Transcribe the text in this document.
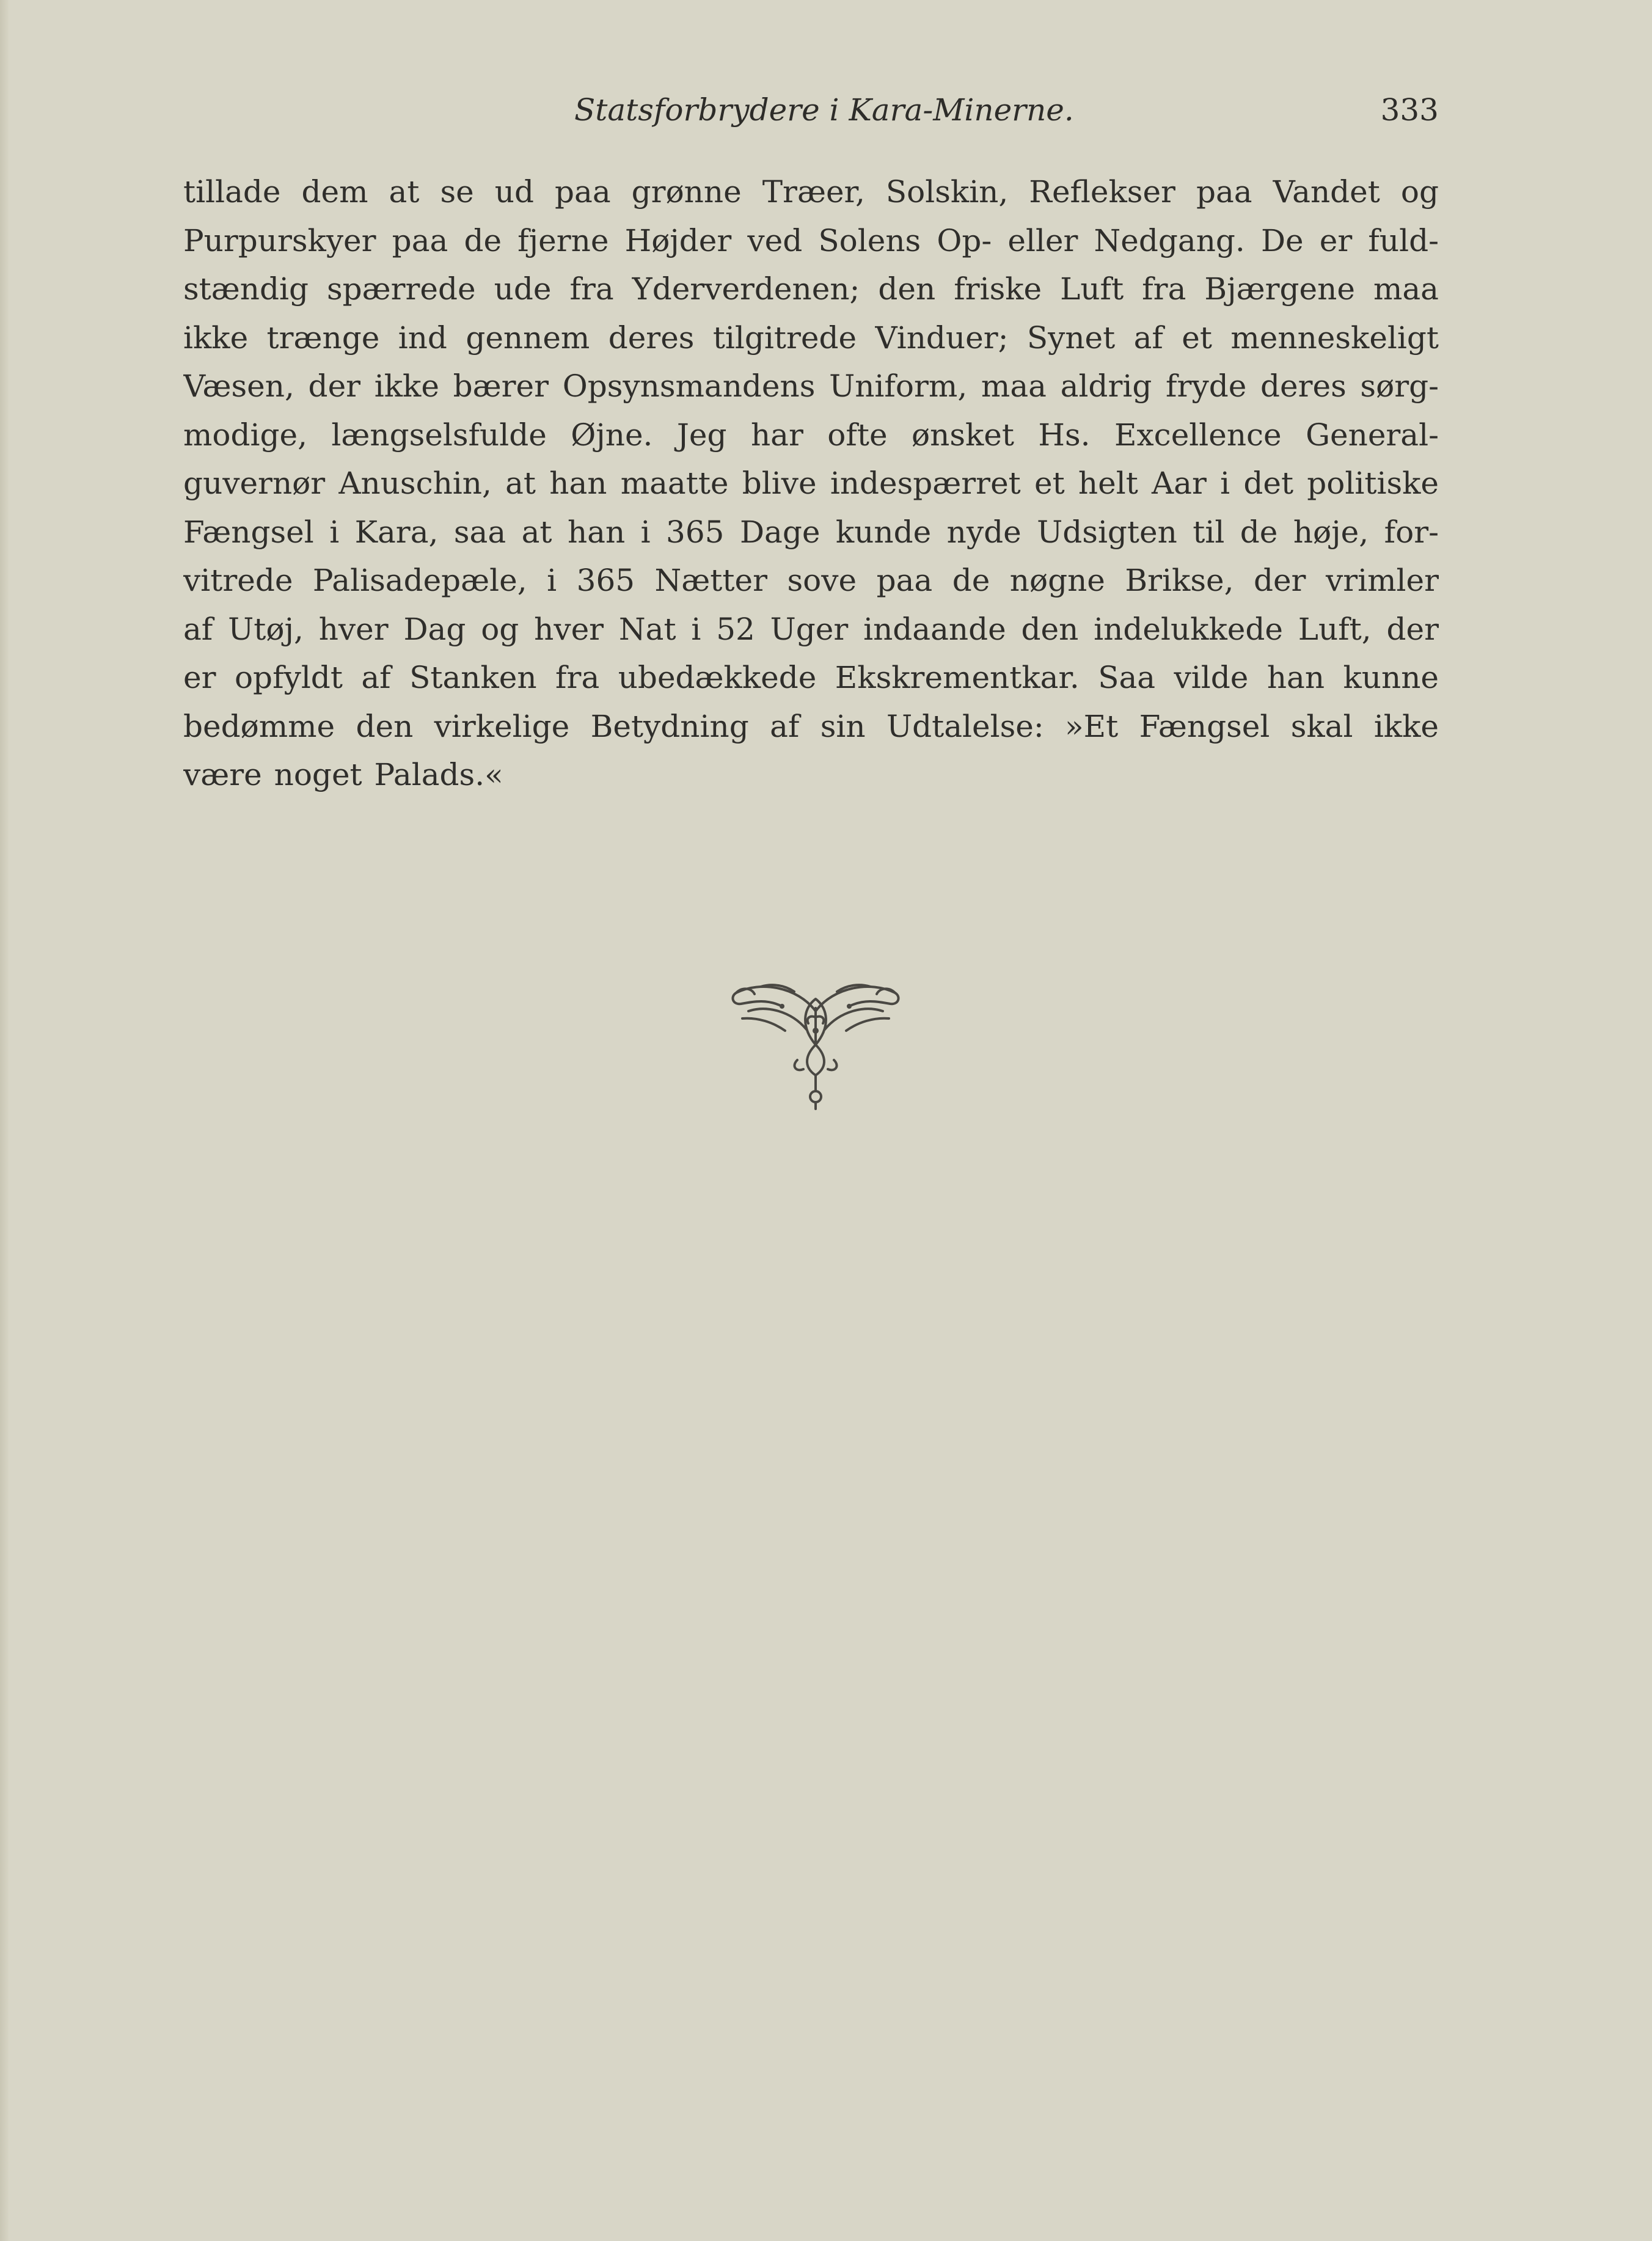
Statsforbrydere i Kara-Minerne.	333
tillade dem at se ud paa grønne Træer, Solskin, Reflekser paa Vandet og
Purpurskyer paa de fjerne Højder ved Solens Op- eller Nedgang. De er fuld-
stændig spærrede ude fra Yderverdenen; den friske Luft fra Bjærgene maa
ikke trænge ind gennem deres tilgitrede Vinduer; Synet af et menneskeligt
Væsen, der ikke bærer Opsynsmandens Uniform, maa aldrig fryde deres sørg-
modige, længselsfulde Øjne. Jeg har ofte ønsket Hs. Excellence General-
guvernør Anuschin, at han maatte blive indespærret et helt Aar i det politiske
Fængsel i Kara, saa at han i 365 Dage kunde nyde Udsigten til de høje, for-
vitrede Palisadepæle, i 365 Nætter sove paa de nøgne Brikse, der vrimler
af Utøj, hver Dag og hver Nat i 52 Uger indaande den indelukkede Luft, der
er opfyldt af Stanken fra ubedækkede Ekskrementkar. Saa vilde han kunne
bedømme den virkelige Betydning af sin Udtalelse: »Et Fængsel skal ikke
være noget Palads.«
